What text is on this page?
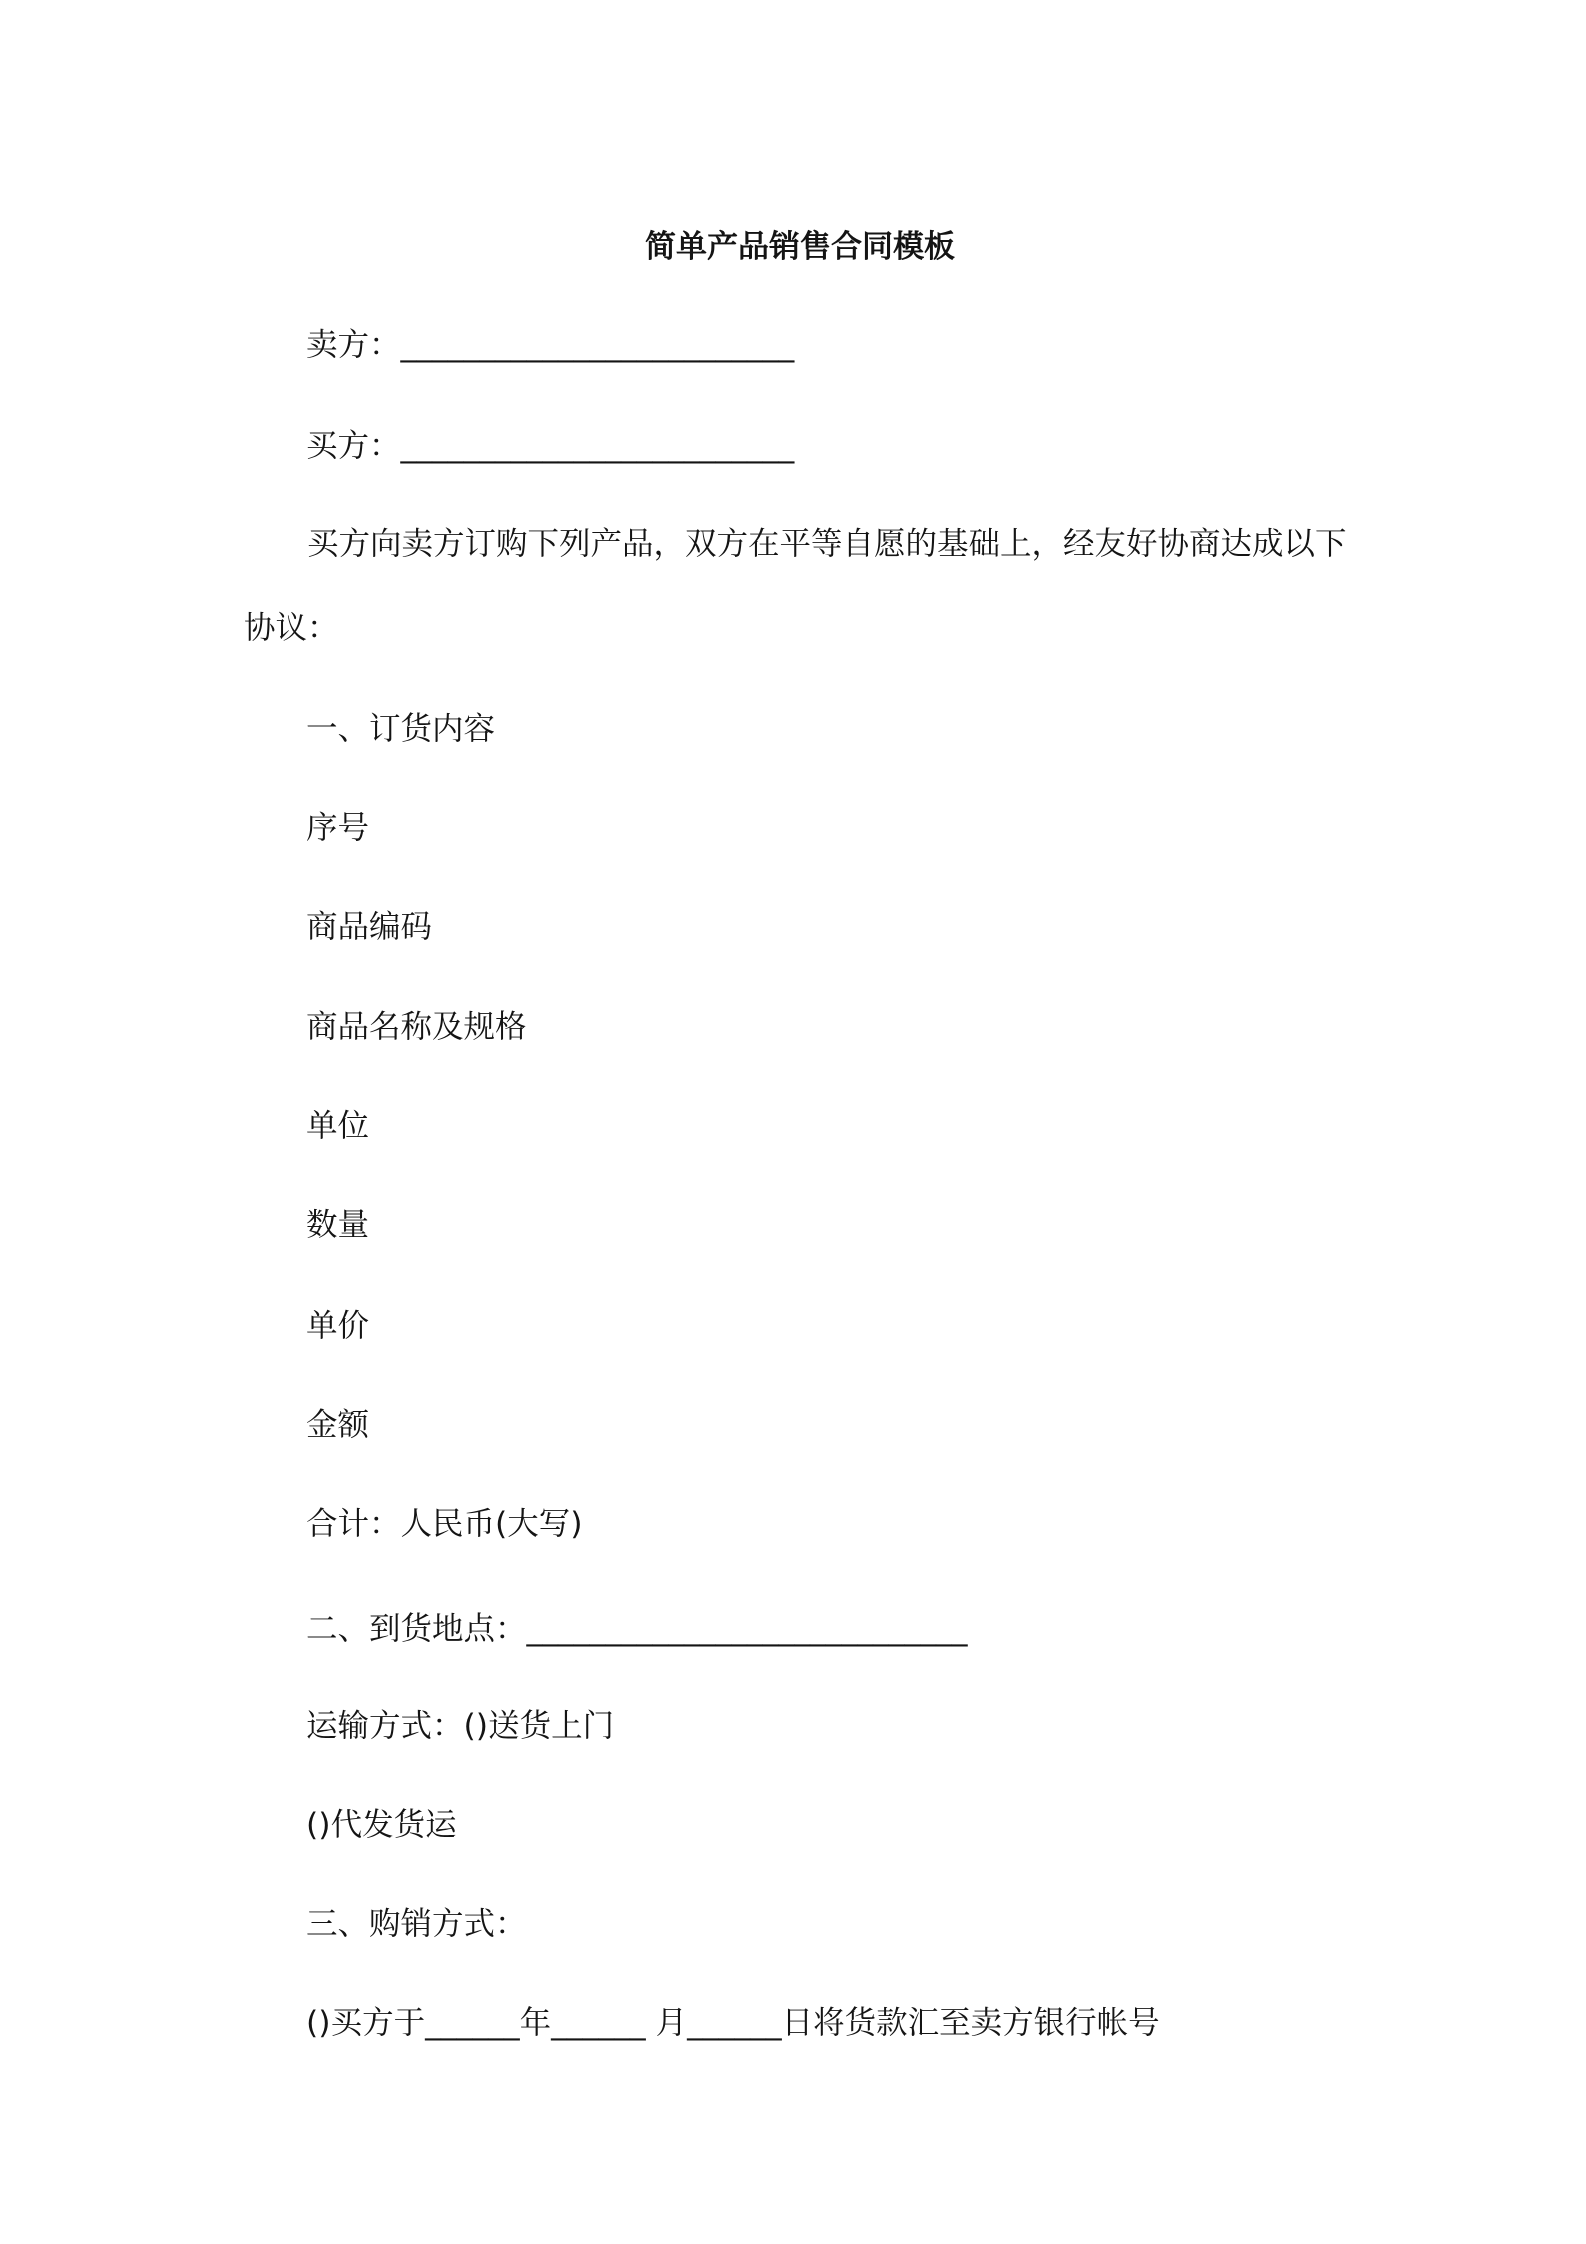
简单产品销售合同模板
卖方：_________________________
买方：_________________________
买方向卖方订购下列产品，双方在平等自愿的基础上，经友好协商达成以下协议：
一、订货内容
序号
商品编码
商品名称及规格
单位
数量
单价
金额
合计：人民币(大写)
二、到货地点：____________________________
运输方式：()送货上门
()代发货运
三、购销方式：
()买方于______年______ 月______日将货款汇至卖方银行帐号
